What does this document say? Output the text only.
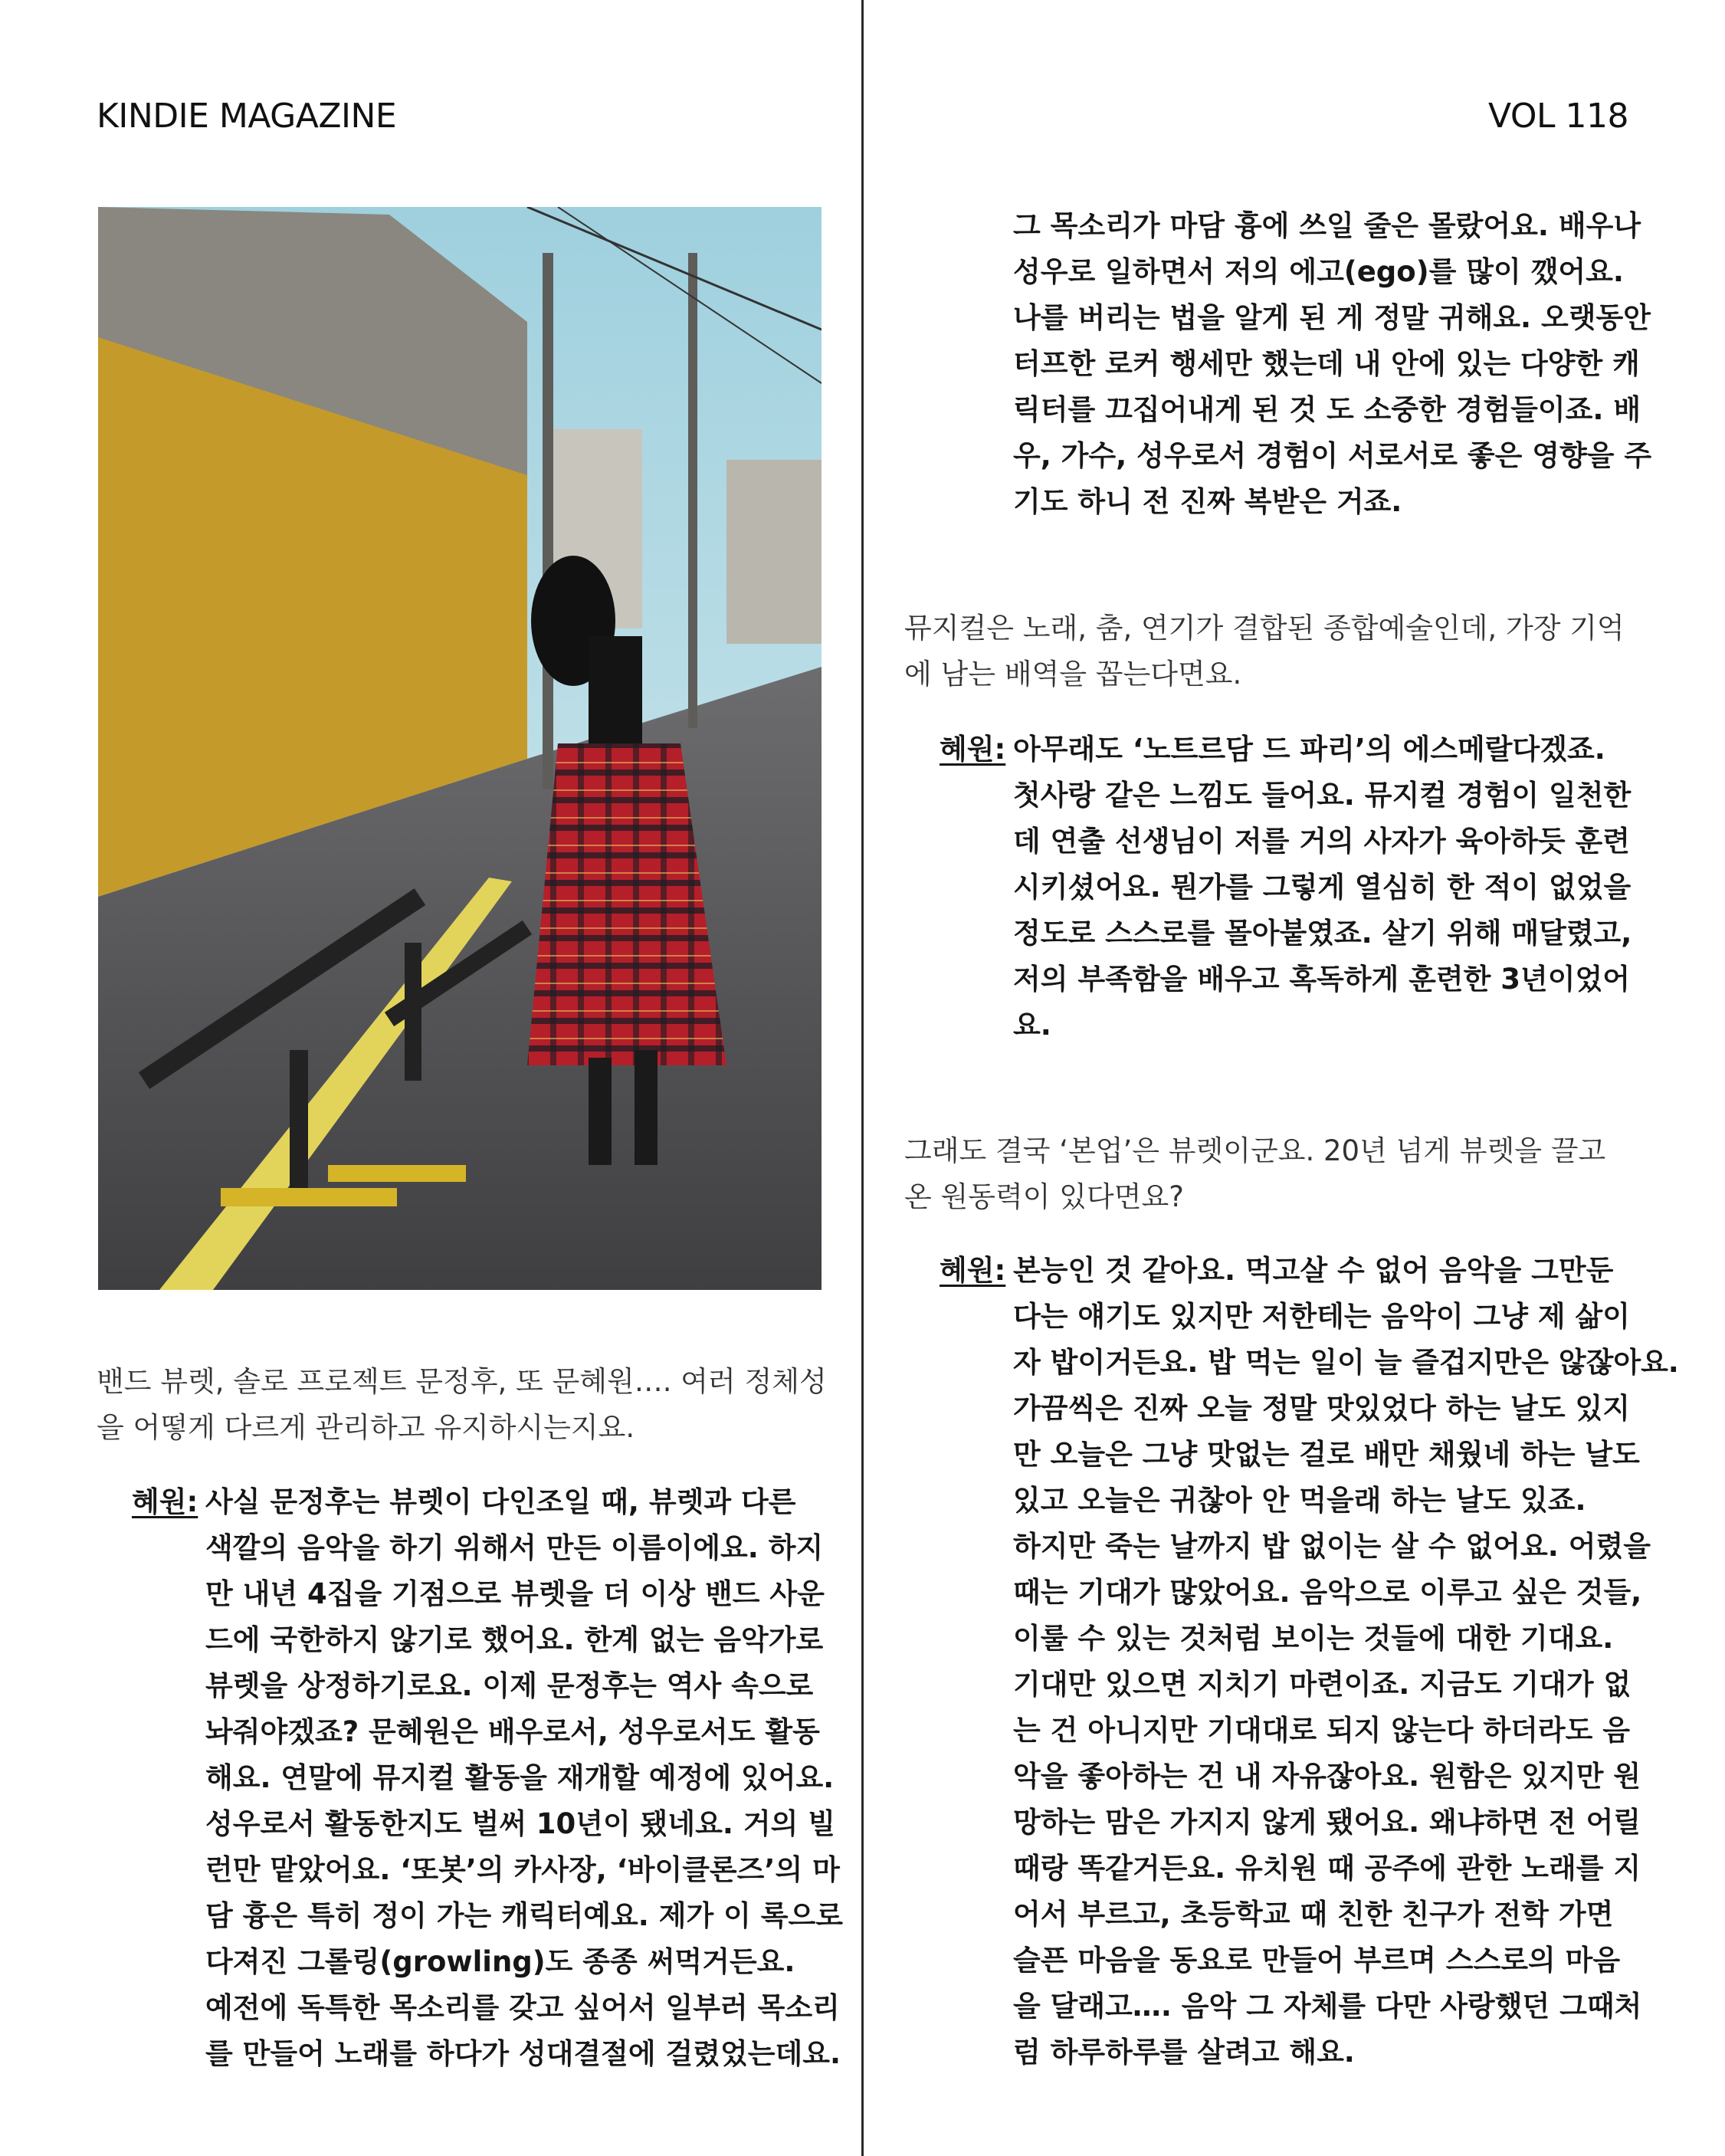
KINDIE MAGAZINE	VOL 118
밴드 뷰렛, 솔로 프로젝트 문정후, 또 문혜원…. 여러 정체성
을 어떻게 다르게 관리하고 유지하시는지요.
혜원: 사실 문정후는 뷰렛이 다인조일 때, 뷰렛과 다른
색깔의 음악을 하기 위해서 만든 이름이에요. 하지
만 내년 4집을 기점으로 뷰렛을 더 이상 밴드 사운
드에 국한하지 않기로 했어요. 한계 없는 음악가로
뷰렛을 상정하기로요. 이제 문정후는 역사 속으로
놔줘야겠죠? 문혜원은 배우로서, 성우로서도 활동
해요. 연말에 뮤지컬 활동을 재개할 예정에 있어요.
성우로서 활동한지도 벌써 10년이 됐네요. 거의 빌
런만 맡았어요. ‘또봇’의 카사장, ‘바이클론즈’의 마
담 흉은 특히 정이 가는 캐릭터예요. 제가 이 록으로
다져진 그롤링(growling)도 종종 써먹거든요.
예전에 독특한 목소리를 갖고 싶어서 일부러 목소리
를 만들어 노래를 하다가 성대결절에 걸렸었는데요.
그 목소리가 마담 흉에 쓰일 줄은 몰랐어요. 배우나
성우로 일하면서 저의 에고(ego)를 많이 깼어요.
나를 버리는 법을 알게 된 게 정말 귀해요. 오랫동안
터프한 로커 행세만 했는데 내 안에 있는 다양한 캐
릭터를 끄집어내게 된 것 도 소중한 경험들이죠. 배
우, 가수, 성우로서 경험이 서로서로 좋은 영향을 주
기도 하니 전 진짜 복받은 거죠.
뮤지컬은 노래, 춤, 연기가 결합된 종합예술인데, 가장 기억
에 남는 배역을 꼽는다면요.
혜원: 아무래도 ‘노트르담 드 파리’의 에스메랄다겠죠.
첫사랑 같은 느낌도 들어요. 뮤지컬 경험이 일천한
데 연출 선생님이 저를 거의 사자가 육아하듯 훈련
시키셨어요. 뭔가를 그렇게 열심히 한 적이 없었을
정도로 스스로를 몰아붙였죠. 살기 위해 매달렸고,
저의 부족함을 배우고 혹독하게 훈련한 3년이었어
요.
그래도 결국 ‘본업’은 뷰렛이군요. 20년 넘게 뷰렛을 끌고
온 원동력이 있다면요?
혜원: 본능인 것 같아요. 먹고살 수 없어 음악을 그만둔
다는 얘기도 있지만 저한테는 음악이 그냥 제 삶이
자 밥이거든요. 밥 먹는 일이 늘 즐겁지만은 않잖아요.
가끔씩은 진짜 오늘 정말 맛있었다 하는 날도 있지
만 오늘은 그냥 맛없는 걸로 배만 채웠네 하는 날도
있고 오늘은 귀찮아 안 먹을래 하는 날도 있죠.
하지만 죽는 날까지 밥 없이는 살 수 없어요. 어렸을
때는 기대가 많았어요. 음악으로 이루고 싶은 것들,
이룰 수 있는 것처럼 보이는 것들에 대한 기대요.
기대만 있으면 지치기 마련이죠. 지금도 기대가 없
는 건 아니지만 기대대로 되지 않는다 하더라도 음
악을 좋아하는 건 내 자유잖아요. 원함은 있지만 원
망하는 맘은 가지지 않게 됐어요. 왜냐하면 전 어릴
때랑 똑같거든요. 유치원 때 공주에 관한 노래를 지
어서 부르고, 초등학교 때 친한 친구가 전학 가면
슬픈 마음을 동요로 만들어 부르며 스스로의 마음
을 달래고…. 음악 그 자체를 다만 사랑했던 그때처
럼 하루하루를 살려고 해요.
